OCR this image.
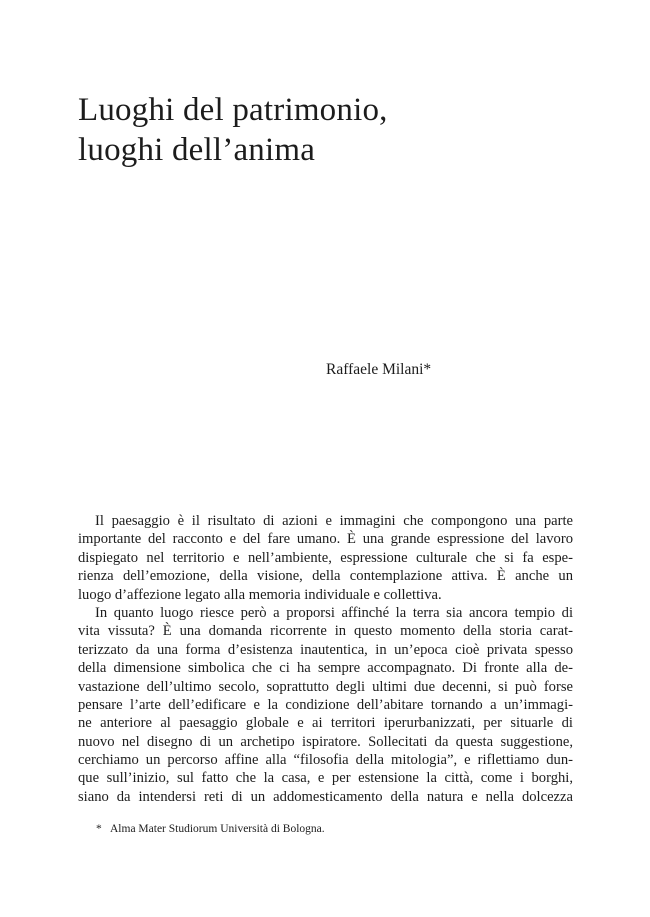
Luoghi del patrimonio,
luoghi dell’anima
Raffaele Milani*
Il paesaggio è il risultato di azioni e immagini che compongono una parte
importante del racconto e del fare umano. È una grande espressione del lavoro
dispiegato nel territorio e nell’ambiente, espressione culturale che si fa espe-
rienza dell’emozione, della visione, della contemplazione attiva. È anche un
luogo d’affezione legato alla memoria individuale e collettiva.
In quanto luogo riesce però a proporsi affinché la terra sia ancora tempio di
vita vissuta? È una domanda ricorrente in questo momento della storia carat-
terizzato da una forma d’esistenza inautentica, in un’epoca cioè privata spesso
della dimensione simbolica che ci ha sempre accompagnato. Di fronte alla de-
vastazione dell’ultimo secolo, soprattutto degli ultimi due decenni, si può forse
pensare l’arte dell’edificare e la condizione dell’abitare tornando a un’immagi-
ne anteriore al paesaggio globale e ai territori iperurbanizzati, per situarle di
nuovo nel disegno di un archetipo ispiratore. Sollecitati da questa suggestione,
cerchiamo un percorso affine alla “filosofia della mitologia”, e riflettiamo dun-
que sull’inizio, sul fatto che la casa, e per estensione la città, come i borghi,
siano da intendersi reti di un addomesticamento della natura e nella dolcezza
* Alma Mater Studiorum Università di Bologna.
